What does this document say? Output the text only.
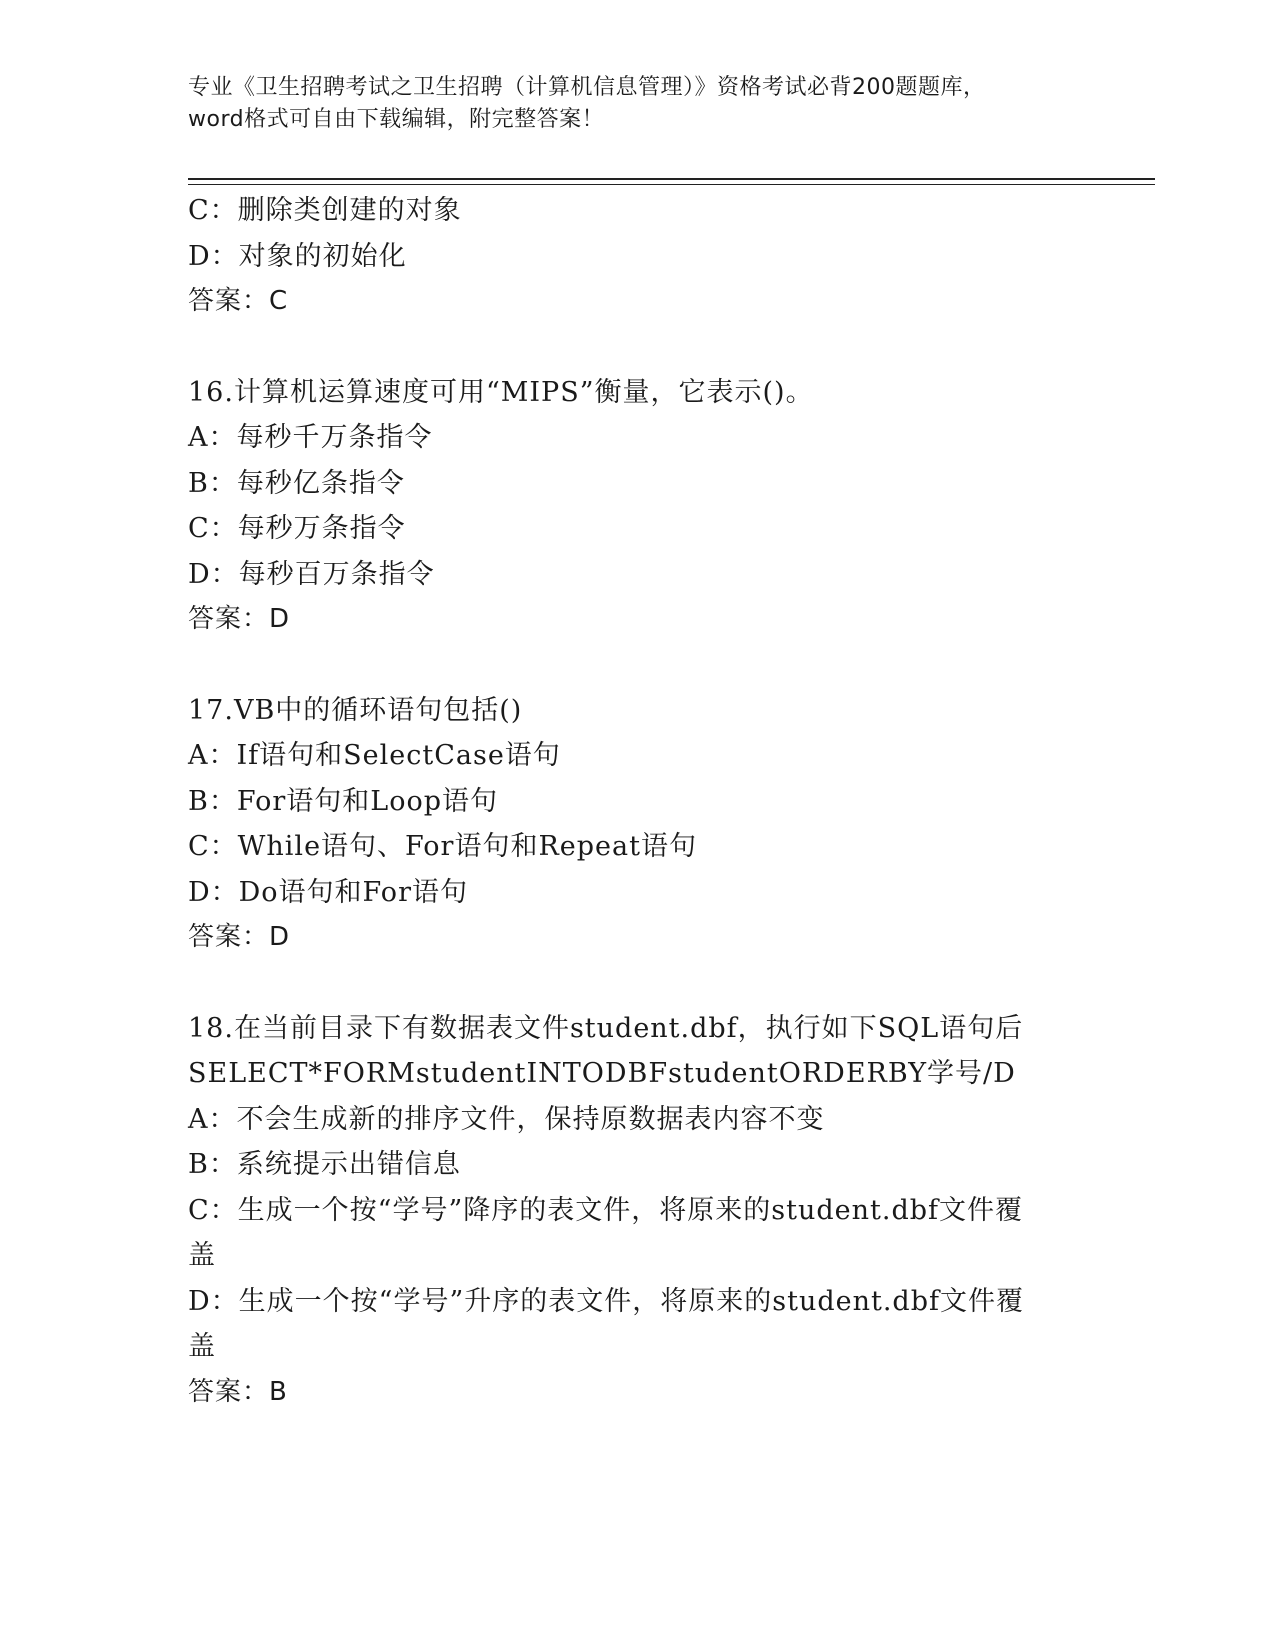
专业《卫生招聘考试之卫生招聘（计算机信息管理）》资格考试必背200题题库，
word格式可自由下载编辑，附完整答案！
C：删除类创建的对象
D：对象的初始化
答案：C
16.计算机运算速度可用“MIPS”衡量，它表示()。
A：每秒千万条指令
B：每秒亿条指令
C：每秒万条指令
D：每秒百万条指令
答案：D
17.VB中的循环语句包括()
A：If语句和SelectCase语句
B：For语句和Loop语句
C：While语句、For语句和Repeat语句
D：Do语句和For语句
答案：D
18.在当前目录下有数据表文件student.dbf，执行如下SQL语句后
SELECT*FORMstudentINTODBFstudentORDERBY学号/D
A：不会生成新的排序文件，保持原数据表内容不变
B：系统提示出错信息
C：生成一个按“学号”降序的表文件，将原来的student.dbf文件覆
盖
D：生成一个按“学号”升序的表文件，将原来的student.dbf文件覆
盖
答案：B
